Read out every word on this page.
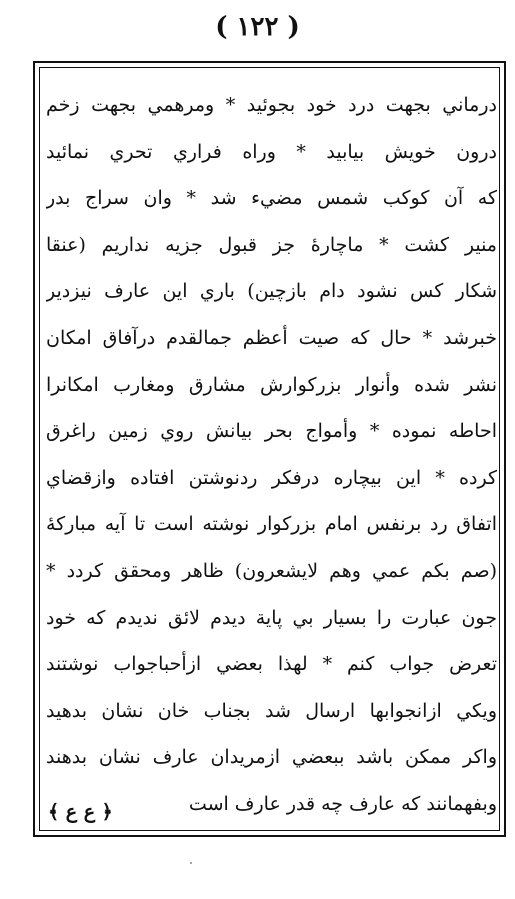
( ١٢٢ )
درماني بجهت درد خود بجوئيد * ومرهمي بجهت زخم
درون خويش بيابيد * وراه فراري تحري نمائيد
كه آن كوكب شمس مضيء شد * وان سراج بدر
منير كشت * ماچارۀ جز قبول جزيه نداريم (عنقا
شكار كس نشود دام بازچين) باري اين عارف نيزدير
خبرشد * حال كه صيت أعظم جمالقدم درآفاق امكان
نشر شده وأنوار بزركوارش مشارق ومغارب امكانرا
احاطه نموده * وأمواج بحر بيانش روي زمين راغرق
كرده * اين بيچاره درفكر ردنوشتن افتاده وازقضاي
اتفاق رد برنفس امام بزركوار نوشته است تا آيه مباركۀ
(صم بكم عمي وهم لايشعرون) ظاهر ومحقق كردد *
جون عبارت را بسيار بي پاية ديدم لائق نديدم كه خود
تعرض جواب كنم * لهذا بعضي ازأحباجواب نوشتند
ويكي ازانجوابها ارسال شد بجناب خان نشان بدهيد
واكر ممكن باشد ببعضي ازمريدان عارف نشان بدهند
وبفهمانند كه عارف چه قدر عارف است
﴿ ع ع ﴾
